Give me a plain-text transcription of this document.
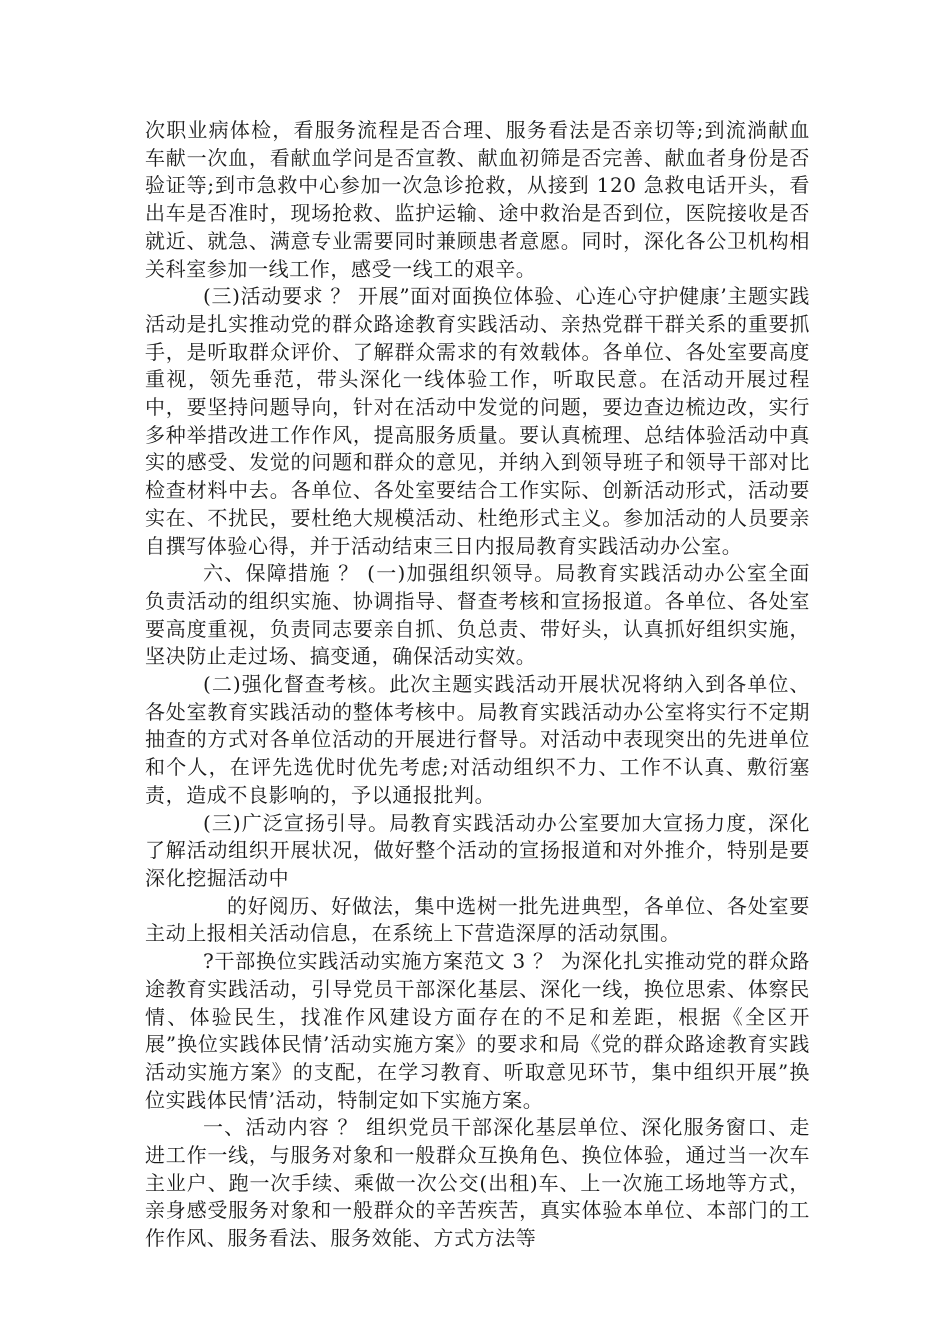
次职业病体检，看服务流程是否合理、服务看法是否亲切等;到流淌献血车献一次血，看献血学问是否宣教、献血初筛是否完善、献血者身份是否验证等;到市急救中心参加一次急诊抢救，从接到 120 急救电话开头，看出车是否准时，现场抢救、监护运输、途中救治是否到位，医院接收是否就近、就急、满意专业需要同时兼顾患者意愿。同时，深化各公卫机构相关科室参加一线工作，感受一线工的艰辛。

(三)活动要求 ？ 开展”面对面换位体验、心连心守护健康’主题实践活动是扎实推动党的群众路途教育实践活动、亲热党群干群关系的重要抓手，是听取群众评价、了解群众需求的有效载体。各单位、各处室要高度重视，领先垂范，带头深化一线体验工作，听取民意。在活动开展过程中，要坚持问题导向，针对在活动中发觉的问题，要边查边梳边改，实行多种举措改进工作作风，提高服务质量。要认真梳理、总结体验活动中真实的感受、发觉的问题和群众的意见，并纳入到领导班子和领导干部对比检查材料中去。各单位、各处室要结合工作实际、创新活动形式，活动要实在、不扰民，要杜绝大规模活动、杜绝形式主义。参加活动的人员要亲自撰写体验心得，并于活动结束三日内报局教育实践活动办公室。

六、保障措施 ？ (一)加强组织领导。局教育实践活动办公室全面负责活动的组织实施、协调指导、督查考核和宣扬报道。各单位、各处室要高度重视，负责同志要亲自抓、负总责、带好头，认真抓好组织实施，坚决防止走过场、搞变通，确保活动实效。

(二)强化督查考核。此次主题实践活动开展状况将纳入到各单位、各处室教育实践活动的整体考核中。局教育实践活动办公室将实行不定期抽查的方式对各单位活动的开展进行督导。对活动中表现突出的先进单位和个人，在评先选优时优先考虑;对活动组织不力、工作不认真、敷衍塞责，造成不良影响的，予以通报批判。

(三)广泛宣扬引导。局教育实践活动办公室要加大宣扬力度，深化了解活动组织开展状况，做好整个活动的宣扬报道和对外推介，特别是要深化挖掘活动中

的好阅历、好做法，集中选树一批先进典型，各单位、各处室要主动上报相关活动信息，在系统上下营造深厚的活动氛围。

?干部换位实践活动实施方案范文 3 ？ 为深化扎实推动党的群众路途教育实践活动，引导党员干部深化基层、深化一线，换位思索、体察民情、体验民生，找准作风建设方面存在的不足和差距，根据《全区开展”换位实践体民情’活动实施方案》的要求和局《党的群众路途教育实践活动实施方案》的支配，在学习教育、听取意见环节，集中组织开展”换位实践体民情’活动，特制定如下实施方案。

一、活动内容 ？ 组织党员干部深化基层单位、深化服务窗口、走进工作一线，与服务对象和一般群众互换角色、换位体验，通过当一次车主业户、跑一次手续、乘做一次公交(出租)车、上一次施工场地等方式，亲身感受服务对象和一般群众的辛苦疾苦，真实体验本单位、本部门的工作作风、服务看法、服务效能、方式方法等
